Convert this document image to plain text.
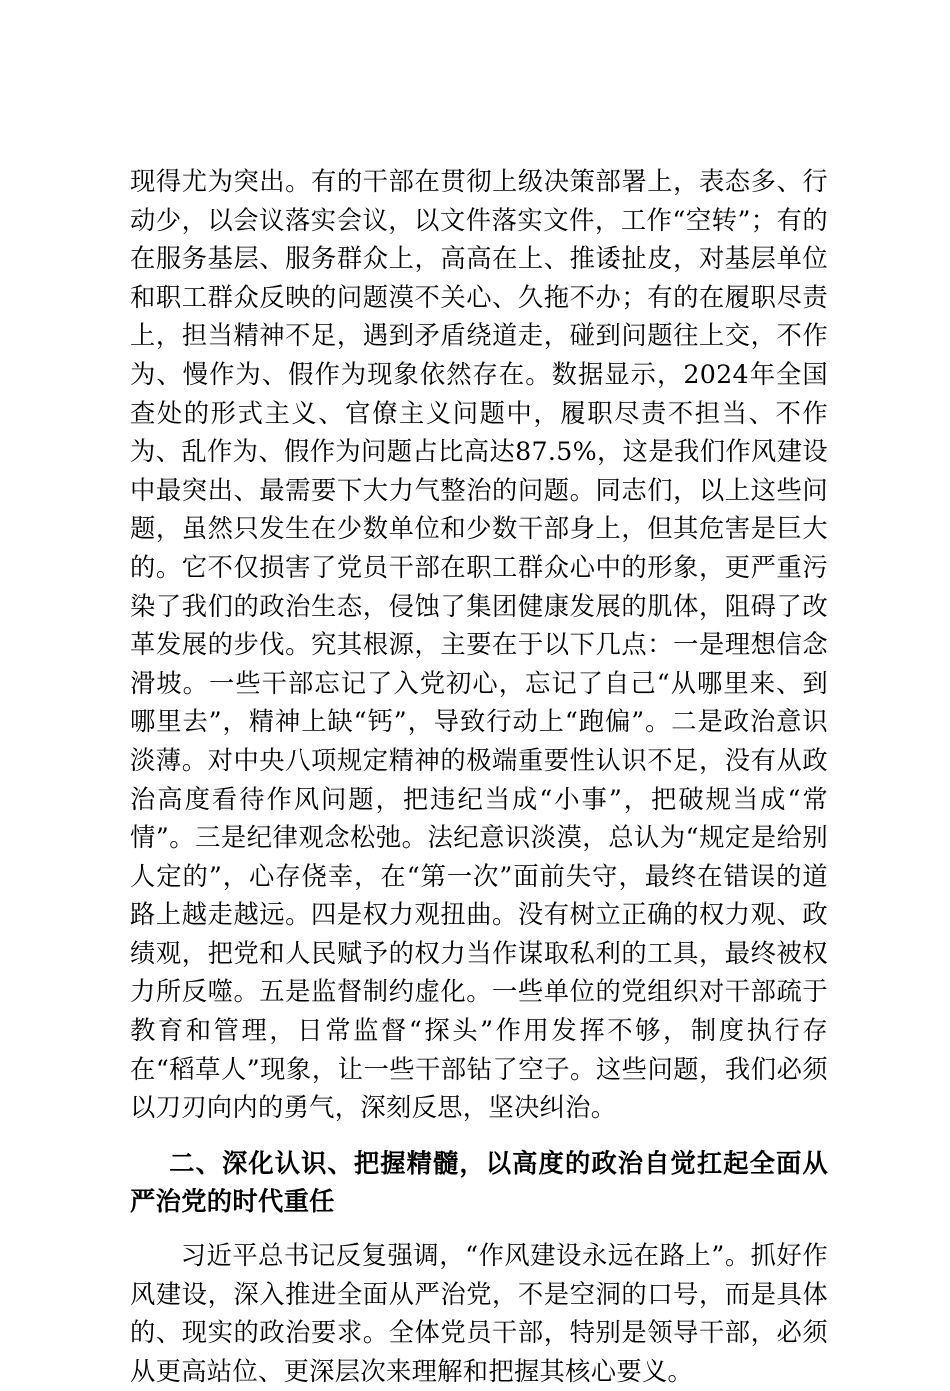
现得尤为突出。有的干部在贯彻上级决策部署上，表态多、行动少，以会议落实会议，以文件落实文件，工作“空转”；有的在服务基层、服务群众上，高高在上、推诿扯皮，对基层单位和职工群众反映的问题漠不关心、久拖不办；有的在履职尽责上，担当精神不足，遇到矛盾绕道走，碰到问题往上交，不作为、慢作为、假作为现象依然存在。数据显示，2024年全国查处的形式主义、官僚主义问题中，履职尽责不担当、不作为、乱作为、假作为问题占比高达87.5%，这是我们作风建设中最突出、最需要下大力气整治的问题。同志们，以上这些问题，虽然只发生在少数单位和少数干部身上，但其危害是巨大的。它不仅损害了党员干部在职工群众心中的形象，更严重污染了我们的政治生态，侵蚀了集团健康发展的肌体，阻碍了改革发展的步伐。究其根源，主要在于以下几点：一是理想信念滑坡。一些干部忘记了入党初心，忘记了自己“从哪里来、到哪里去”，精神上缺“钙”，导致行动上“跑偏”。二是政治意识淡薄。对中央八项规定精神的极端重要性认识不足，没有从政治高度看待作风问题，把违纪当成“小事”，把破规当成“常情”。三是纪律观念松弛。法纪意识淡漠，总认为“规定是给别人定的”，心存侥幸，在“第一次”面前失守，最终在错误的道路上越走越远。四是权力观扭曲。没有树立正确的权力观、政绩观，把党和人民赋予的权力当作谋取私利的工具，最终被权力所反噬。五是监督制约虚化。一些单位的党组织对干部疏于教育和管理，日常监督“探头”作用发挥不够，制度执行存在“稻草人”现象，让一些干部钻了空子。这些问题，我们必须以刀刃向内的勇气，深刻反思，坚决纠治。

二、深化认识、把握精髓，以高度的政治自觉扛起全面从严治党的时代重任

习近平总书记反复强调，“作风建设永远在路上”。抓好作风建设，深入推进全面从严治党，不是空洞的口号，而是具体的、现实的政治要求。全体党员干部，特别是领导干部，必须从更高站位、更深层次来理解和把握其核心要义。
